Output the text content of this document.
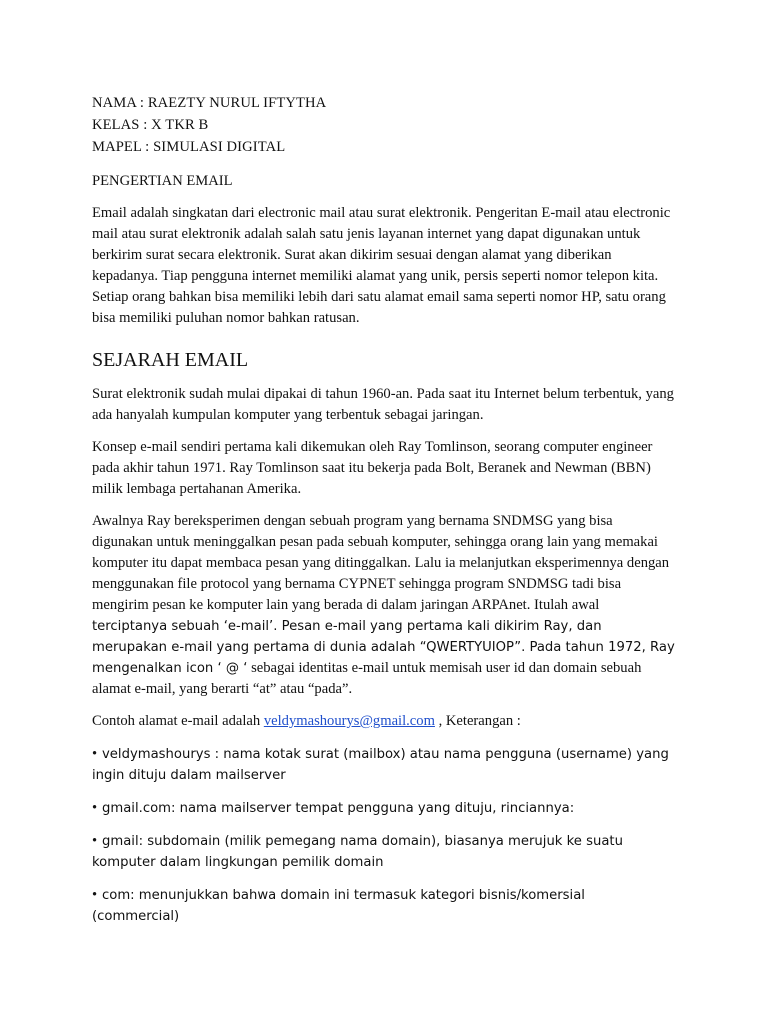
NAMA : RAEZTY NURUL IFTYTHA
KELAS : X TKR B
MAPEL : SIMULASI DIGITAL
PENGERTIAN EMAIL

Email adalah singkatan dari electronic mail atau surat elektronik. Pengeritan E-mail atau electronic mail atau surat elektronik adalah salah satu jenis layanan internet yang dapat digunakan untuk berkirim surat secara elektronik. Surat akan dikirim sesuai dengan alamat yang diberikan kepadanya. Tiap pengguna internet memiliki alamat yang unik, persis seperti nomor telepon kita. Setiap orang bahkan bisa memiliki lebih dari satu alamat email sama seperti nomor HP, satu orang bisa memiliki puluhan nomor bahkan ratusan.

SEJARAH EMAIL

Surat elektronik sudah mulai dipakai di tahun 1960-an. Pada saat itu Internet belum terbentuk, yang ada hanyalah kumpulan komputer yang terbentuk sebagai jaringan.

Konsep e-mail sendiri pertama kali dikemukan oleh Ray Tomlinson, seorang computer engineer pada akhir tahun 1971. Ray Tomlinson saat itu bekerja pada Bolt, Beranek and Newman (BBN) milik lembaga pertahanan Amerika.

Awalnya Ray bereksperimen dengan sebuah program yang bernama SNDMSG yang bisa digunakan untuk meninggalkan pesan pada sebuah komputer, sehingga orang lain yang memakai komputer itu dapat membaca pesan yang ditinggalkan. Lalu ia melanjutkan eksperimennya dengan menggunakan file protocol yang bernama CYPNET sehingga program SNDMSG tadi bisa mengirim pesan ke komputer lain yang berada di dalam jaringan ARPAnet. Itulah awal terciptanya sebuah ‘e-mail’. Pesan e-mail yang pertama kali dikirim Ray, dan merupakan e-mail yang pertama di dunia adalah “QWERTYUIOP”. Pada tahun 1972, Ray mengenalkan icon ‘ @ ‘ sebagai identitas e-mail untuk memisah user id dan domain sebuah alamat e-mail, yang berarti “at” atau “pada”.

Contoh alamat e-mail adalah veldymashourys@gmail.com , Keterangan :

• veldymashourys : nama kotak surat (mailbox) atau nama pengguna (username) yang ingin dituju dalam mailserver
• gmail.com: nama mailserver tempat pengguna yang dituju, rinciannya:
• gmail: subdomain (milik pemegang nama domain), biasanya merujuk ke suatu komputer dalam lingkungan pemilik domain
• com: menunjukkan bahwa domain ini termasuk kategori bisnis/komersial (commercial)
